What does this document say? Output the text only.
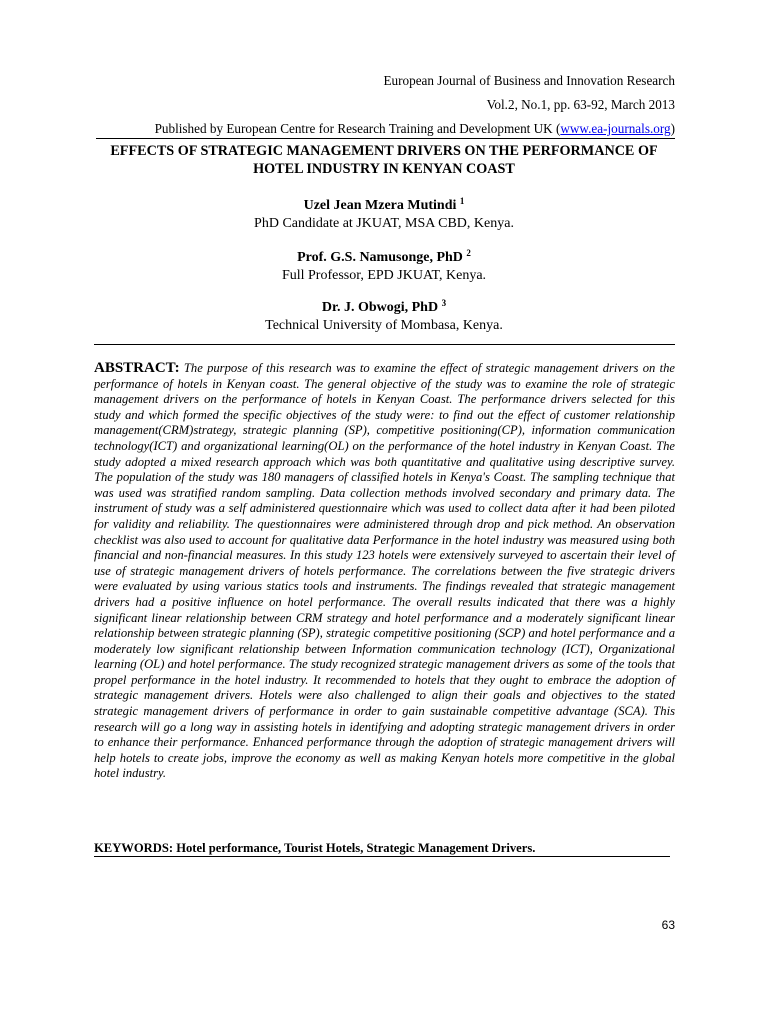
European Journal of Business and Innovation Research
Vol.2, No.1, pp. 63-92, March 2013
Published by European Centre for Research Training and Development UK (www.ea-journals.org)
EFFECTS OF STRATEGIC MANAGEMENT DRIVERS ON THE PERFORMANCE OF HOTEL INDUSTRY IN KENYAN COAST
Uzel Jean Mzera Mutindi $^1$
PhD Candidate at JKUAT, MSA CBD, Kenya.
Prof. G.S. Namusonge, PhD $^2$
Full Professor, EPD JKUAT, Kenya.
Dr. J. Obwogi, PhD $^3$
Technical University of Mombasa, Kenya.
ABSTRACT: The purpose of this research was to examine the effect of strategic management drivers on the performance of hotels in Kenyan coast. The general objective of the study was to examine the role of strategic management drivers on the performance of hotels in Kenyan Coast. The performance drivers selected for this study and which formed the specific objectives of the study were: to find out the effect of customer relationship management(CRM)strategy, strategic planning (SP), competitive positioning(CP), information communication technology(ICT) and organizational learning(OL) on the performance of the hotel industry in Kenyan Coast. The study adopted a mixed research approach which was both quantitative and qualitative using descriptive survey. The population of the study was 180 managers of classified hotels in Kenya's Coast. The sampling technique that was used was stratified random sampling. Data collection methods involved secondary and primary data. The instrument of study was a self administered questionnaire which was used to collect data after it had been piloted for validity and reliability. The questionnaires were administered through drop and pick method. An observation checklist was also used to account for qualitative data Performance in the hotel industry was measured using both financial and non-financial measures. In this study 123 hotels were extensively surveyed to ascertain their level of use of strategic management drivers of hotels performance. The correlations between the five strategic drivers were evaluated by using various statics tools and instruments. The findings revealed that strategic management drivers had a positive influence on hotel performance. The overall results indicated that there was a highly significant linear relationship between CRM strategy and hotel performance and a moderately significant linear relationship between strategic planning (SP), strategic competitive positioning (SCP) and hotel performance and a moderately low significant relationship between Information communication technology (ICT), Organizational learning (OL) and hotel performance. The study recognized strategic management drivers as some of the tools that propel performance in the hotel industry. It recommended to hotels that they ought to embrace the adoption of strategic management drivers. Hotels were also challenged to align their goals and objectives to the stated strategic management drivers of performance in order to gain sustainable competitive advantage (SCA). This research will go a long way in assisting hotels in identifying and adopting strategic management drivers in order to enhance their performance. Enhanced performance through the adoption of strategic management drivers will help hotels to create jobs, improve the economy as well as making Kenyan hotels more competitive in the global hotel industry.
KEYWORDS: Hotel performance, Tourist Hotels, Strategic Management Drivers.
63
